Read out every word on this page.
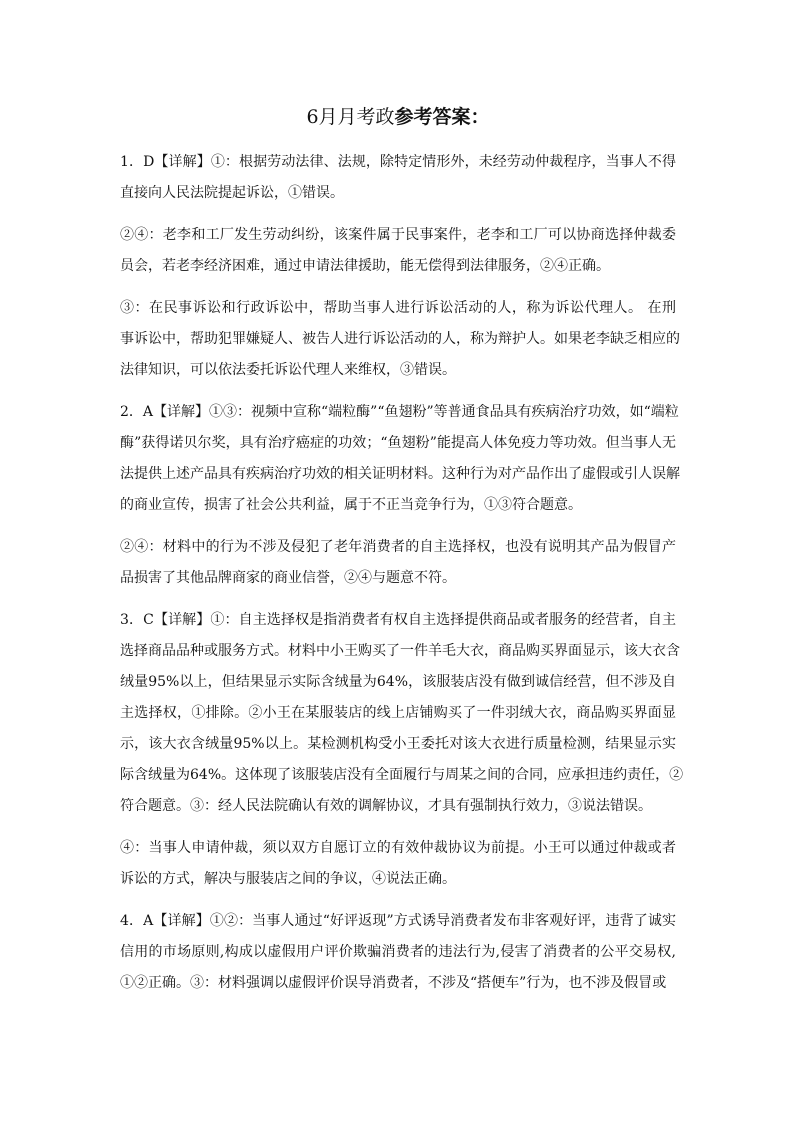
6月月考政参考答案：
1．D【详解】①：根据劳动法律、法规，除特定情形外，未经劳动仲裁程序，当事人不得
直接向人民法院提起诉讼，①错误。
②④：老李和工厂发生劳动纠纷，该案件属于民事案件，老李和工厂可以协商选择仲裁委
员会，若老李经济困难，通过申请法律援助，能无偿得到法律服务，②④正确。
③：在民事诉讼和行政诉讼中，帮助当事人进行诉讼活动的人，称为诉讼代理人。 在刑
事诉讼中，帮助犯罪嫌疑人、被告人进行诉讼活动的人，称为辩护人。如果老李缺乏相应的
法律知识，可以依法委托诉讼代理人来维权，③错误。
2．A【详解】①③：视频中宣称“端粒酶”“鱼翅粉”等普通食品具有疾病治疗功效，如“端粒
酶”获得诺贝尔奖，具有治疗癌症的功效；“鱼翅粉”能提高人体免疫力等功效。但当事人无
法提供上述产品具有疾病治疗功效的相关证明材料。这种行为对产品作出了虚假或引人误解
的商业宣传，损害了社会公共利益，属于不正当竞争行为，①③符合题意。
②④：材料中的行为不涉及侵犯了老年消费者的自主选择权，也没有说明其产品为假冒产
品损害了其他品牌商家的商业信誉，②④与题意不符。
3．C【详解】①：自主选择权是指消费者有权自主选择提供商品或者服务的经营者，自主
选择商品品种或服务方式。材料中小王购买了一件羊毛大衣，商品购买界面显示，该大衣含
绒量95%以上，但结果显示实际含绒量为64%，该服装店没有做到诚信经营，但不涉及自
主选择权，①排除。②小王在某服装店的线上店铺购买了一件羽绒大衣，商品购买界面显
示，该大衣含绒量95%以上。某检测机构受小王委托对该大衣进行质量检测，结果显示实
际含绒量为64%。这体现了该服装店没有全面履行与周某之间的合同，应承担违约责任，②
符合题意。③：经人民法院确认有效的调解协议，才具有强制执行效力，③说法错误。
④：当事人申请仲裁，须以双方自愿订立的有效仲裁协议为前提。小王可以通过仲裁或者
诉讼的方式，解决与服装店之间的争议，④说法正确。
4．A【详解】①②：当事人通过“好评返现”方式诱导消费者发布非客观好评，违背了诚实
信用的市场原则,构成以虚假用户评价欺骗消费者的违法行为,侵害了消费者的公平交易权,
①②正确。③：材料强调以虚假评价误导消费者，不涉及“搭便车”行为，也不涉及假冒或
